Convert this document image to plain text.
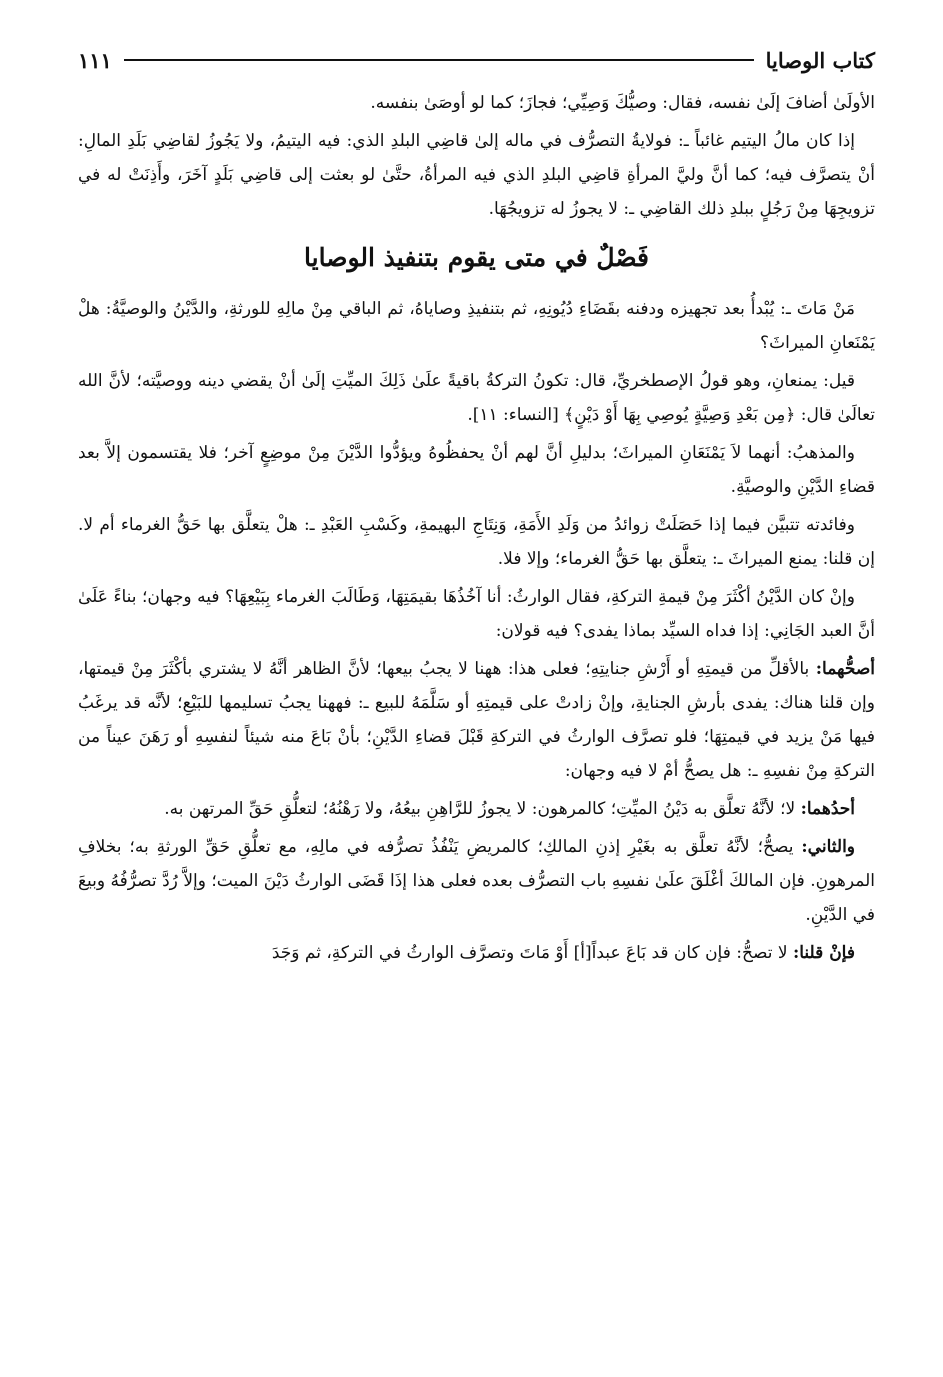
كتاب الوصايا
١١١

الأولَىٰ أضافَ إلَىٰ نفسه، فقال: وصيُّكَ وَصِيِّي؛ فجازَ؛ كما لو أوصَىٰ بنفسه.

إذا كان مالُ اليتيم غائباً ـ: فولايةُ التصرُّف في ماله إلىٰ قاضِي البلدِ الذي: فيه اليتيمُ، ولا يَجُوزُ لقاضِي بَلَدِ المالِ: أنْ يتصرَّف فيه؛ كما أنَّ وليَّ المرأةِ قاضِي البلدِ الذي فيه المرأةُ، حتَّىٰ لو بعثت إلى قاضِي بَلَدٍ آخَرَ، وأَذِنَتْ له في تزويجِهَا مِنْ رَجُلٍ ببلدِ ذلك القاضِي ـ: لا يجوزُ له تزويجُهَا.

فَصْلٌ في متى يقوم بتنفيذ الوصايا

مَنْ مَاتَ ـ: يُبْدأُ بعد تجهيزه ودفنه بقَضَاءِ دُيُونِهِ، ثم بتنفيذِ وصاياهُ، ثم الباقي مِنْ مالِهِ للورثةِ، والدَّيْنُ والوصيَّةُ: هلْ يَمْنَعانِ الميراثَ؟

قيل: يمنعانِ، وهو قولُ الإصطخريِّ، قال: تكونُ التركةُ باقيةً علَىٰ ذَلِكَ الميِّتِ إلَىٰ أنْ يقضي دينه ووصيَّته؛ لأنَّ الله تعالَىٰ قال: ﴿مِن بَعْدِ وَصِيَّةٍ يُوصِي بِهَا أَوْ دَيْنٍ﴾ [النساء: ١١].

والمذهبُ: أنهما لاَ يَمْنَعَانِ الميراثَ؛ بدليلِ أنَّ لهم أنْ يحفظُوهُ ويؤدُّوا الدَّيْنَ مِنْ موضِعٍ آخر؛ فلا يقتسمون إلاَّ بعد قضاءِ الدَّيْنِ والوصيَّةِ.

وفائدته تتبيَّن فيما إذا حَصَلَتْ زوائدُ من وَلَدِ الأَمَةِ، وَنِتَاجِ البهيمةِ، وكَسْبِ العَبْدِ ـ: هلْ يتعلَّق بها حَقُّ الغرماء أم لا. إن قلنا: يمنع الميراثَ ـ: يتعلَّق بها حَقُّ الغرماء؛ وإلا فلا.

وإنْ كان الدَّيْنُ أكْثَرَ مِنْ قيمةِ التركةِ، فقال الوارثُ: أنا آخُذُهَا بقيمَتِهَا، وَطَالَبَ الغرماء بِبَيْعِهَا؟ فيه وجهان؛ بناءً عَلَىٰ أنَّ العبد الجَانِي: إذا فداه السيِّد بماذا يفدى؟ فيه قولان:

أصحُّهما: بالأقلِّ من قيمتِهِ أو أَرْشِ جنايتِهِ؛ فعلى هذا: ههنا لا يجبُ بيعها؛ لأنَّ الظاهر أنَّهُ لا يشتري بأكْثَرَ مِنْ قيمتها، وإن قلنا هناك: يفدى بأرشِ الجنايةِ، وإنْ زادتْ على قيمتِهِ أو سَلَّمَهُ للبيع ـ: فههنا يجبُ تسليمها للبَيْعِ؛ لأنَّه قد يرغَبُ فيها مَنْ يزيد في قيمتِهَا؛ فلو تصرَّف الوارثُ في التركةِ قَبْلَ قضاءِ الدَّيْنِ؛ بأنْ بَاعَ منه شيئاً لنفسِهِ أو رَهَنَ عيناً من التركةِ مِنْ نفسِهِ ـ: هل يصحُّ أمْ لا فيه وجهان:

أحدُهما: لا؛ لأنَّهُ تعلَّق به دَيْنُ الميِّتِ؛ كالمرهون: لا يجوزُ للرَّاهِنِ بيعُهُ، ولا رَهْنُهُ؛ لتعلُّقِ حَقِّ المرتهن به.

والثاني: يصحُّ؛ لأنَّهُ تعلَّق به بغَيْرِ إذنِ المالكِ؛ كالمريضِ يَنْفُذُ تصرُّفه في مالِهِ، مع تعلُّقِ حَقِّ الورثةِ به؛ بخلافِ المرهونِ. فإن المالكَ أغْلَقَ علَىٰ نفسِهِ باب التصرُّف بعده فعلى هذا إذَا قَضَى الوارثُ دَيْنَ الميت؛ وإلاَّ رُدَّ تصرُّفُهُ وبيعَ في الدَّيْنِ.

فإنْ قلنا: لا تصحُّ: فإن كان قد بَاعَ عبداً[أ] أَوْ مَاتَ وتصرَّف الوارثُ في التركةِ، ثم وَجَدَ
